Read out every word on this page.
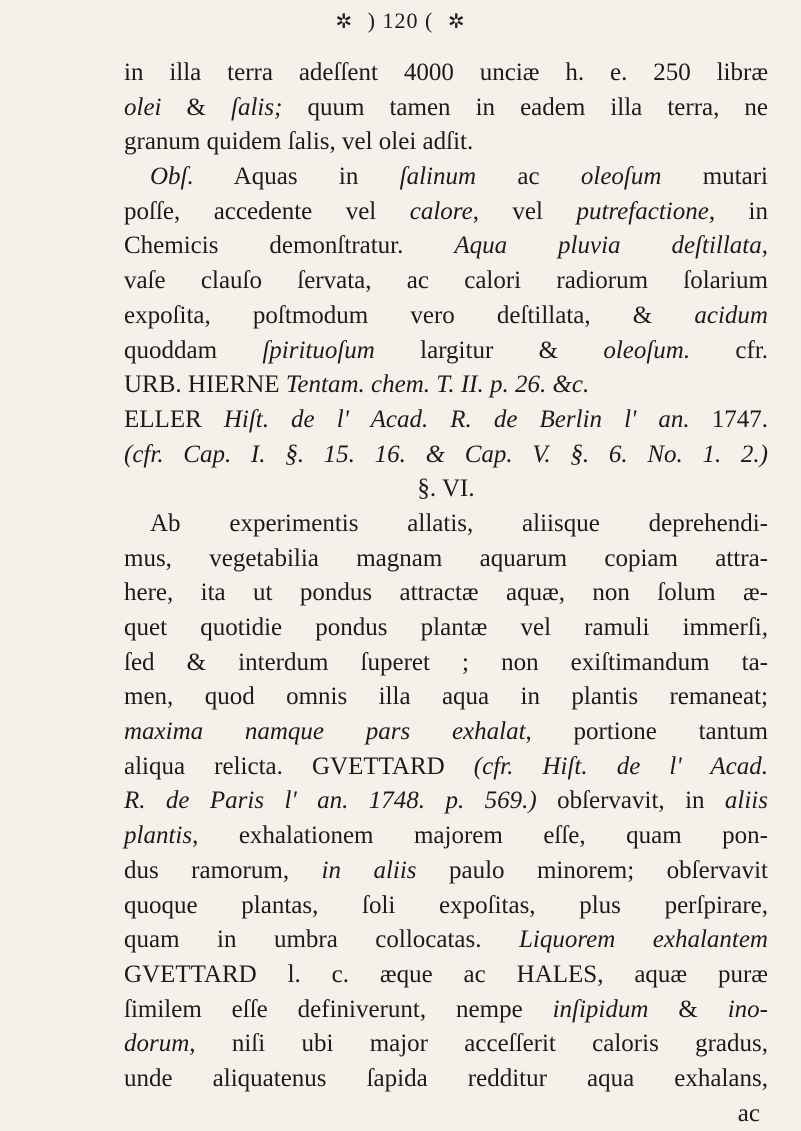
✲ ) 120 ( ✲
in illa terra adeſſent 4000 unciæ h. e. 250 libræ
olei & ſalis; quum tamen in eadem illa terra, ne
granum quidem ſalis, vel olei adſit.
Obſ. Aquas in ſalinum ac oleoſum mutari
poſſe, accedente vel calore, vel putrefactione, in
Chemicis demonſtratur. Aqua pluvia deſtillata,
vaſe clauſo ſervata, ac calori radiorum ſolarium
expoſita, poſtmodum vero deſtillata, & acidum
quoddam ſpirituoſum largitur & oleoſum. cfr.
URB. HIERNE Tentam. chem. T. II. p. 26. &c.
ELLER Hiſt. de l' Acad. R. de Berlin l' an. 1747.
(cfr. Cap. I. §. 15. 16. & Cap. V. §. 6. No. 1. 2.)
§. VI.
Ab experimentis allatis, aliisque deprehendi-
mus, vegetabilia magnam aquarum copiam attra-
here, ita ut pondus attractæ aquæ, non ſolum æ-
quet quotidie pondus plantæ vel ramuli immerſi,
ſed & interdum ſuperet ; non exiſtimandum ta-
men, quod omnis illa aqua in plantis remaneat;
maxima namque pars exhalat, portione tantum
aliqua relicta. GVETTARD (cfr. Hiſt. de l' Acad.
R. de Paris l' an. 1748. p. 569.) obſervavit, in aliis
plantis, exhalationem majorem eſſe, quam pon-
dus ramorum, in aliis paulo minorem; obſervavit
quoque plantas, ſoli expoſitas, plus perſpirare,
quam in umbra collocatas. Liquorem exhalantem
GVETTARD l. c. æque ac HALES, aquæ puræ
ſimilem eſſe definiverunt, nempe inſipidum & ino-
dorum, niſi ubi major acceſſerit caloris gradus,
unde aliquatenus ſapida redditur aqua exhalans,
ac
